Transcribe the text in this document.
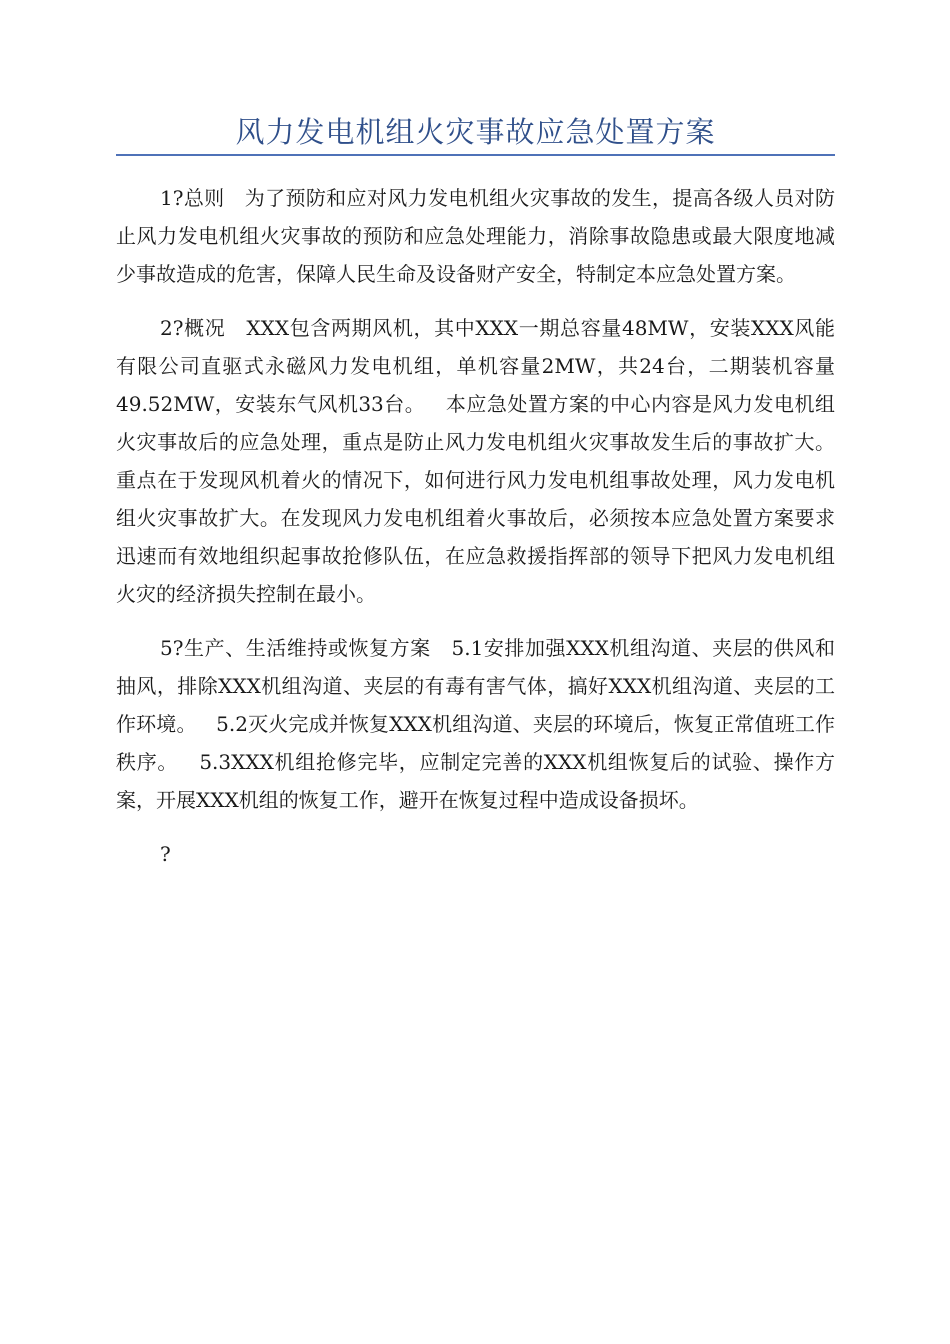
风力发电机组火灾事故应急处置方案

1?总则   为了预防和应对风力发电机组火灾事故的发生，提高各级人员对防止风力发电机组火灾事故的预防和应急处理能力，消除事故隐患或最大限度地减少事故造成的危害，保障人民生命及设备财产安全，特制定本应急处置方案。

2?概况   XXX包含两期风机，其中XXX一期总容量48MW，安装XXX风能有限公司直驱式永磁风力发电机组，单机容量2MW，共24台，二期装机容量49.52MW，安装东气风机33台。   本应急处置方案的中心内容是风力发电机组火灾事故后的应急处理，重点是防止风力发电机组火灾事故发生后的事故扩大。重点在于发现风机着火的情况下，如何进行风力发电机组事故处理，风力发电机组火灾事故扩大。在发现风力发电机组着火事故后，必须按本应急处置方案要求迅速而有效地组织起事故抢修队伍，在应急救援指挥部的领导下把风力发电机组火灾的经济损失控制在最小。

5?生产、生活维持或恢复方案   5.1安排加强XXX机组沟道、夹层的供风和抽风，排除XXX机组沟道、夹层的有毒有害气体，搞好XXX机组沟道、夹层的工作环境。   5.2灭火完成并恢复XXX机组沟道、夹层的环境后，恢复正常值班工作秩序。   5.3XXX机组抢修完毕，应制定完善的XXX机组恢复后的试验、操作方案，开展XXX机组的恢复工作，避开在恢复过程中造成设备损坏。

?
